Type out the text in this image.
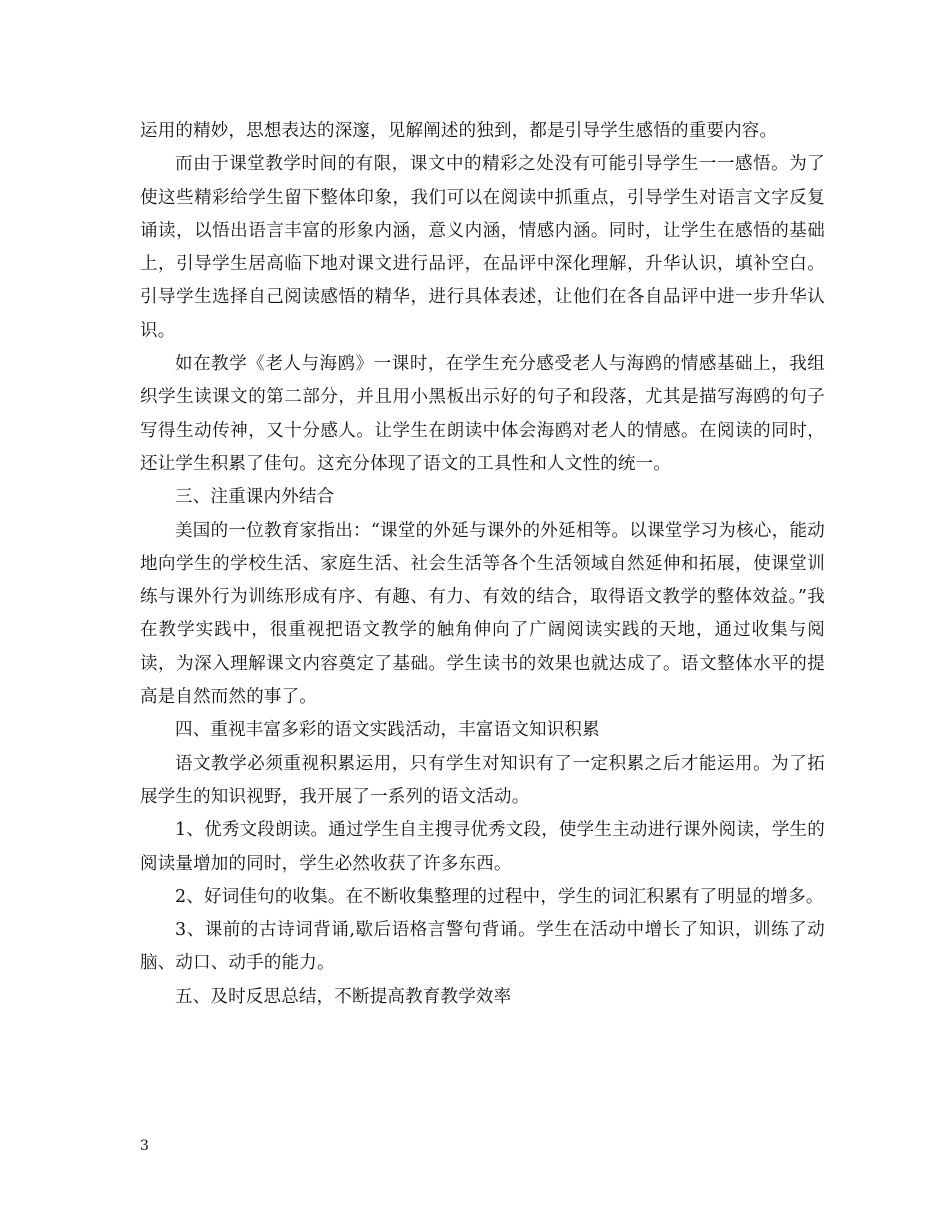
运用的精妙，思想表达的深邃，见解阐述的独到，都是引导学生感悟的重要内容。

而由于课堂教学时间的有限，课文中的精彩之处没有可能引导学生一一感悟。为了使这些精彩给学生留下整体印象，我们可以在阅读中抓重点，引导学生对语言文字反复诵读，以悟出语言丰富的形象内涵，意义内涵，情感内涵。同时，让学生在感悟的基础上，引导学生居高临下地对课文进行品评，在品评中深化理解，升华认识，填补空白。引导学生选择自己阅读感悟的精华，进行具体表述，让他们在各自品评中进一步升华认识。

如在教学《老人与海鸥》一课时，在学生充分感受老人与海鸥的情感基础上，我组织学生读课文的第二部分，并且用小黑板出示好的句子和段落，尤其是描写海鸥的句子写得生动传神，又十分感人。让学生在朗读中体会海鸥对老人的情感。在阅读的同时，还让学生积累了佳句。这充分体现了语文的工具性和人文性的统一。

三、注重课内外结合

美国的一位教育家指出：“课堂的外延与课外的外延相等。以课堂学习为核心，能动地向学生的学校生活、家庭生活、社会生活等各个生活领域自然延伸和拓展，使课堂训练与课外行为训练形成有序、有趣、有力、有效的结合，取得语文教学的整体效益。”我在教学实践中，很重视把语文教学的触角伸向了广阔阅读实践的天地，通过收集与阅读，为深入理解课文内容奠定了基础。学生读书的效果也就达成了。语文整体水平的提高是自然而然的事了。

四、重视丰富多彩的语文实践活动，丰富语文知识积累

语文教学必须重视积累运用，只有学生对知识有了一定积累之后才能运用。为了拓展学生的知识视野，我开展了一系列的语文活动。

1、优秀文段朗读。通过学生自主搜寻优秀文段，使学生主动进行课外阅读，学生的阅读量增加的同时，学生必然收获了许多东西。

2、好词佳句的收集。在不断收集整理的过程中，学生的词汇积累有了明显的增多。

3、课前的古诗词背诵,歇后语格言警句背诵。学生在活动中增长了知识，训练了动脑、动口、动手的能力。

五、及时反思总结，不断提高教育教学效率

3
